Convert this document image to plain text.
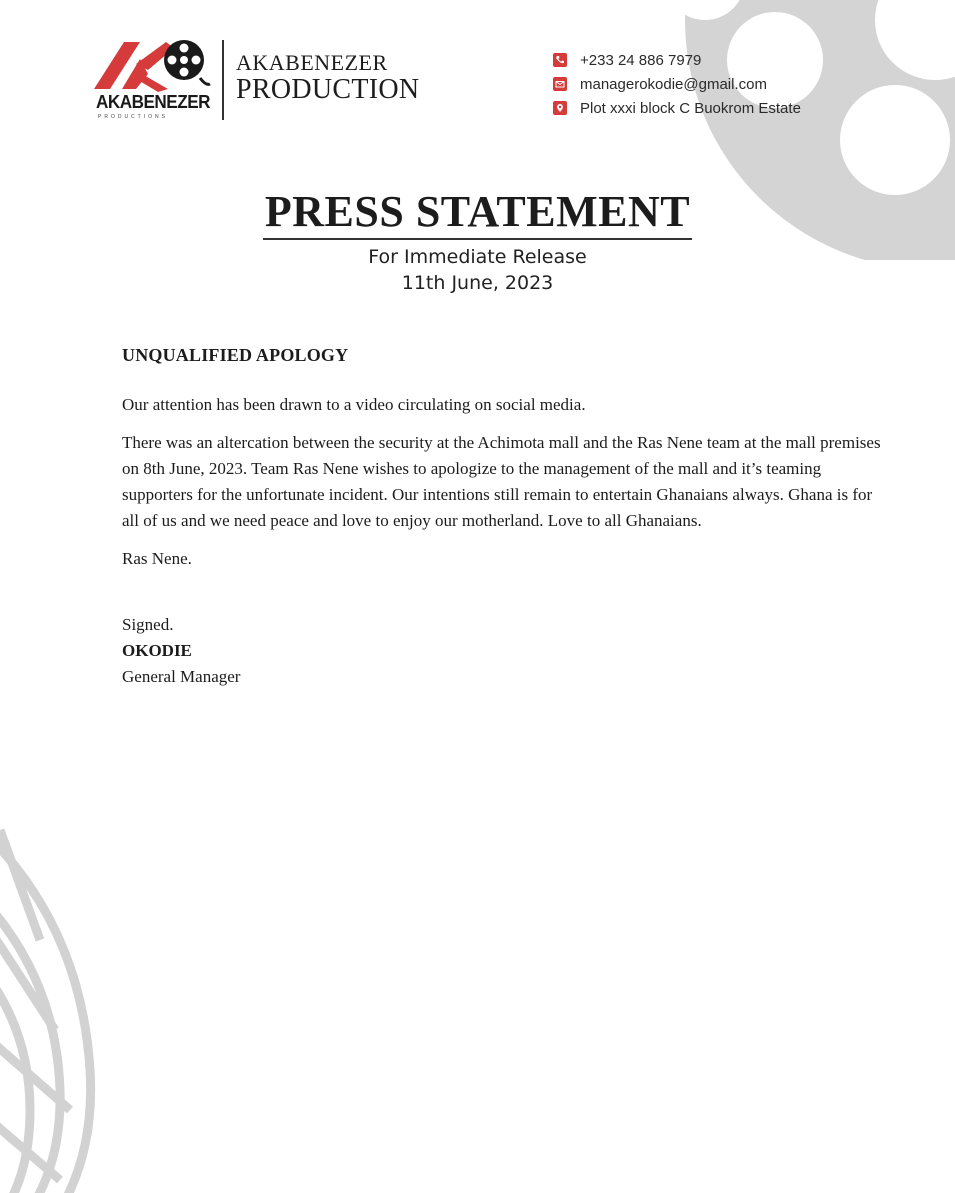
AKABENEZER
PRODUCTIONS
AKABENEZER
PRODUCTION
+233 24 886 7979
managerokodie@gmail.com
Plot xxxi block C Buokrom Estate
PRESS STATEMENT
For Immediate Release
11th June, 2023
UNQUALIFIED APOLOGY

Our attention has been drawn to a video circulating on social media.

There was an altercation between the security at the Achimota mall and the Ras Nene team at the mall premises on 8th June, 2023. Team Ras Nene wishes to apologize to the management of the mall and it’s teaming supporters for the unfortunate incident. Our intentions still remain to entertain Ghanaians always. Ghana is for all of us and we need peace and love to enjoy our motherland. Love to all Ghanaians.

Ras Nene.

Signed.
OKODIE
General Manager
